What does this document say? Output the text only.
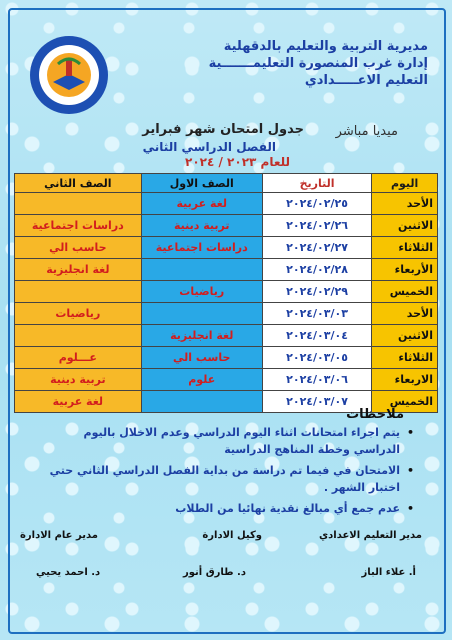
مديرية التربية والتعليم بالدقهلية
إدارة غرب المنصورة التعليمـــــــية
التعليم الاعـــــدادي
جدول امتحان شهر فبراير ميديا مباشر
الفصل الدراسي الثاني
للعام ٢٠٢٣ / ٢٠٢٤
اليوم	التاريخ	الصف الاول	الصف الثاني
الأحد	٢٠٢٤/٠٢/٢٥	لغة عربية	
الاثنين	٢٠٢٤/٠٢/٢٦	تربية دينية	دراسات اجتماعية
الثلاثاء	٢٠٢٤/٠٢/٢٧	دراسات اجتماعية	حاسب الي
الأربعاء	٢٠٢٤/٠٢/٢٨		لغة انجليزية
الخميس	٢٠٢٤/٠٢/٢٩	رياضيات	
الأحد	٢٠٢٤/٠٣/٠٣		رياضيات
الاثنين	٢٠٢٤/٠٣/٠٤	لغة انجليزية	
الثلاثاء	٢٠٢٤/٠٣/٠٥	حاسب الي	عـــلوم
الاربعاء	٢٠٢٤/٠٣/٠٦	علوم	تربية دينية
الخميس	٢٠٢٤/٠٣/٠٧		لغة عربية
ملاحظات
• يتم اجراء امتحانات اثناء اليوم الدراسي وعدم الاخلال باليوم الدراسي وخطة المناهج الدراسية
• الامتحان في فيما تم دراسة من بداية الفصل الدراسي الثاني حتي اختبار الشهر .
• عدم جمع أي مبالغ نقدية نهائيا من الطلاب
مدير التعليم الاعدادي
وكيل الادارة
مدير عام الادارة
أ. علاء الباز
د. طارق أنور
د. احمد يحيي
